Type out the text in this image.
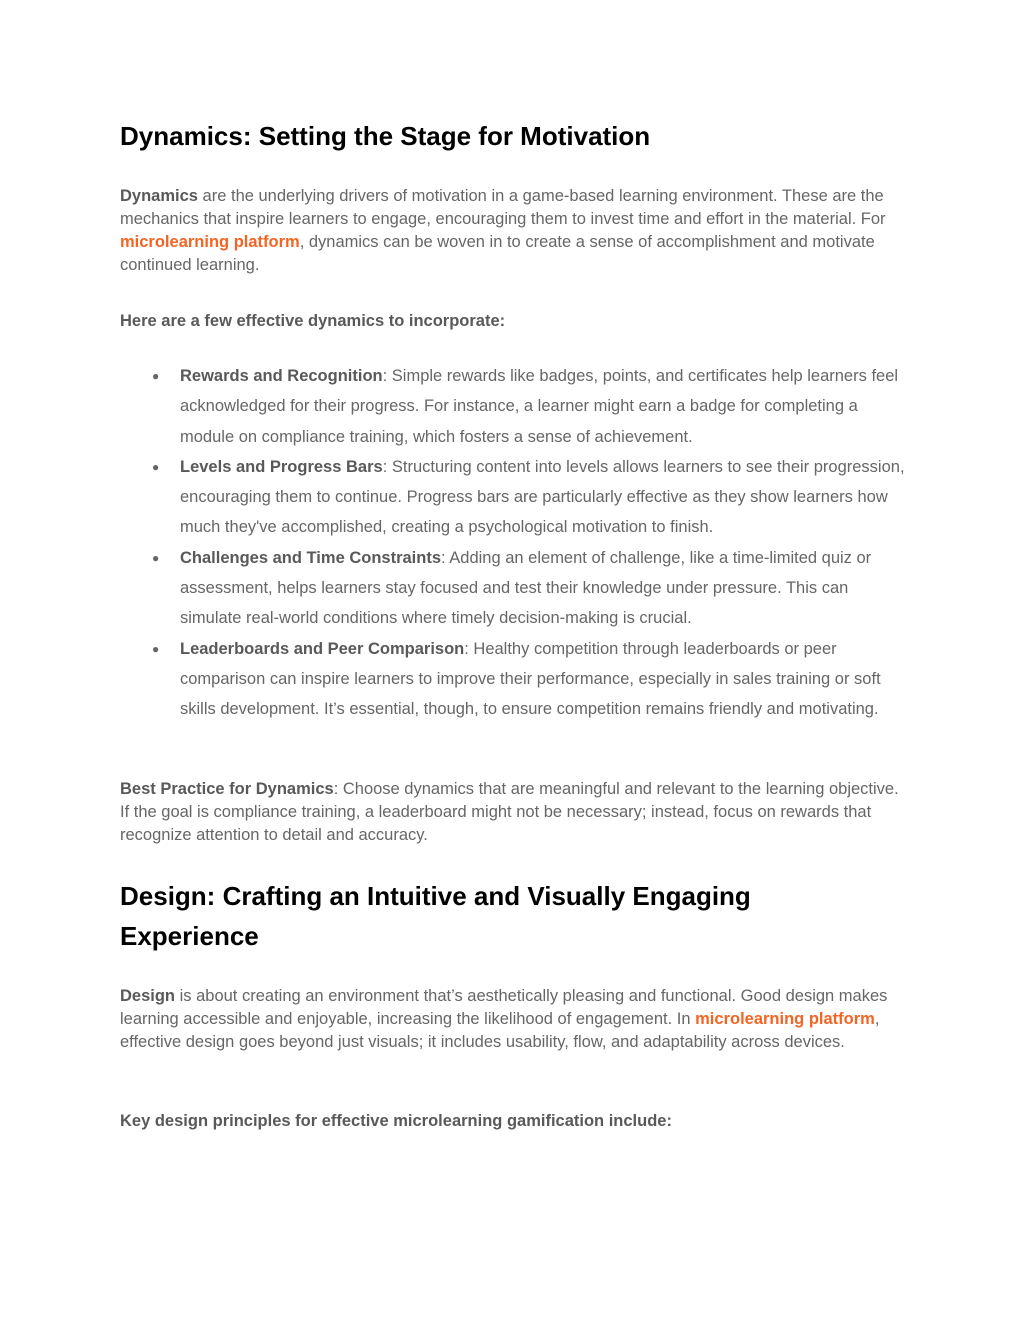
Dynamics: Setting the Stage for Motivation

Dynamics are the underlying drivers of motivation in a game-based learning environment. These are the mechanics that inspire learners to engage, encouraging them to invest time and effort in the material. For microlearning platform, dynamics can be woven in to create a sense of accomplishment and motivate continued learning.

Here are a few effective dynamics to incorporate:

● Rewards and Recognition: Simple rewards like badges, points, and certificates help learners feel acknowledged for their progress. For instance, a learner might earn a badge for completing a module on compliance training, which fosters a sense of achievement.
● Levels and Progress Bars: Structuring content into levels allows learners to see their progression, encouraging them to continue. Progress bars are particularly effective as they show learners how much they've accomplished, creating a psychological motivation to finish.
● Challenges and Time Constraints: Adding an element of challenge, like a time-limited quiz or assessment, helps learners stay focused and test their knowledge under pressure. This can simulate real-world conditions where timely decision-making is crucial.
● Leaderboards and Peer Comparison: Healthy competition through leaderboards or peer comparison can inspire learners to improve their performance, especially in sales training or soft skills development. It’s essential, though, to ensure competition remains friendly and motivating.

Best Practice for Dynamics: Choose dynamics that are meaningful and relevant to the learning objective. If the goal is compliance training, a leaderboard might not be necessary; instead, focus on rewards that recognize attention to detail and accuracy.

Design: Crafting an Intuitive and Visually Engaging
Experience

Design is about creating an environment that’s aesthetically pleasing and functional. Good design makes learning accessible and enjoyable, increasing the likelihood of engagement. In microlearning platform, effective design goes beyond just visuals; it includes usability, flow, and adaptability across devices.

Key design principles for effective microlearning gamification include:
